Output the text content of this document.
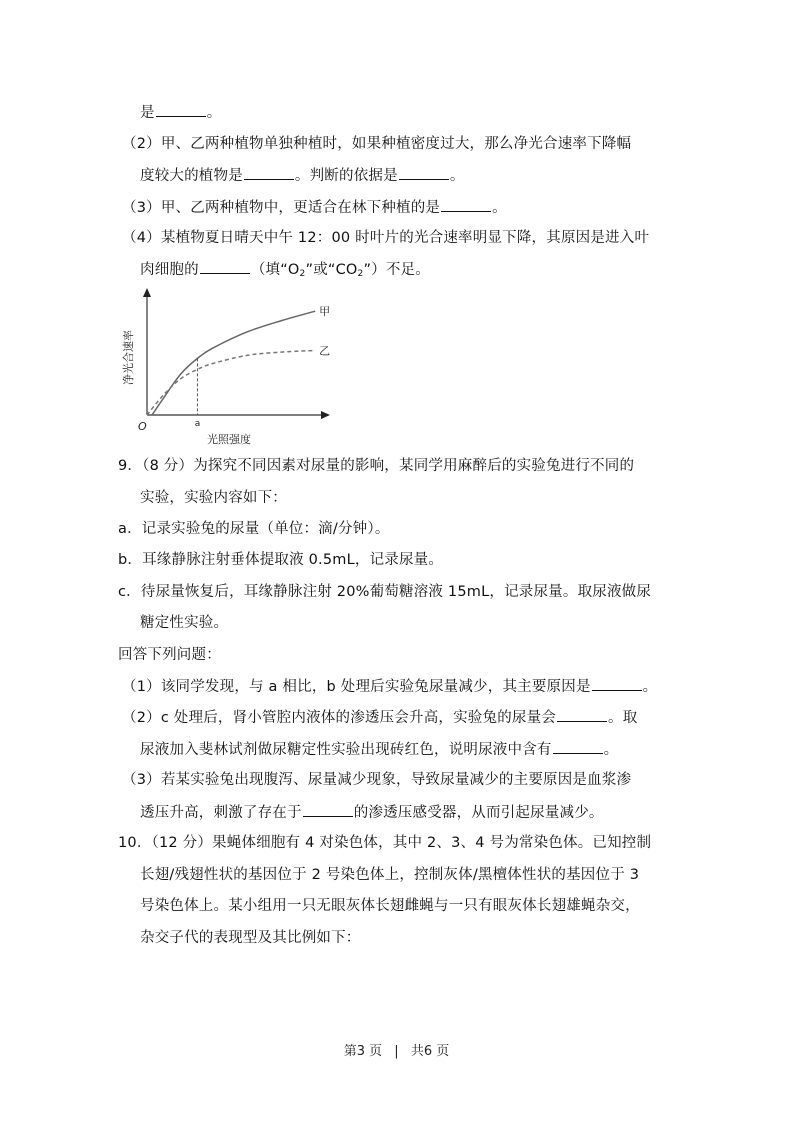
是	。
（2）甲、乙两种植物单独种植时，如果种植密度过大，那么净光合速率下降幅
度较大的植物是	。判断的依据是	。
（3）甲、乙两种植物中，更适合在林下种植的是	。
（4）某植物夏日晴天中午 12：00 时叶片的光合速率明显下降，其原因是进入叶
肉细胞的	（填“$O_2$”或“$CO_2$”）不足。
O	a
光照强度
净光合速率
甲
乙
9．（8 分）为探究不同因素对尿量的影响，某同学用麻醉后的实验兔进行不同的
实验，实验内容如下：
a．记录实验兔的尿量（单位：滴/分钟）。
b．耳缘静脉注射垂体提取液 0.5mL，记录尿量。
c．待尿量恢复后，耳缘静脉注射 20%葡萄糖溶液 15mL，记录尿量。取尿液做尿
糖定性实验。
回答下列问题：
（1）该同学发现，与 a 相比，b 处理后实验兔尿量减少，其主要原因是	。
（2）c 处理后，肾小管腔内液体的渗透压会升高，实验兔的尿量会	。取
尿液加入斐林试剂做尿糖定性实验出现砖红色，说明尿液中含有	。
（3）若某实验兔出现腹泻、尿量减少现象，导致尿量减少的主要原因是血浆渗
透压升高，刺激了存在于	的渗透压感受器，从而引起尿量减少。
10．（12 分）果蝇体细胞有 4 对染色体，其中 2、3、4 号为常染色体。已知控制
长翅/残翅性状的基因位于 2 号染色体上，控制灰体/黑檀体性状的基因位于 3
号染色体上。某小组用一只无眼灰体长翅雌蝇与一只有眼灰体长翅雄蝇杂交，
杂交子代的表现型及其比例如下：
第3 页 | 共6 页
